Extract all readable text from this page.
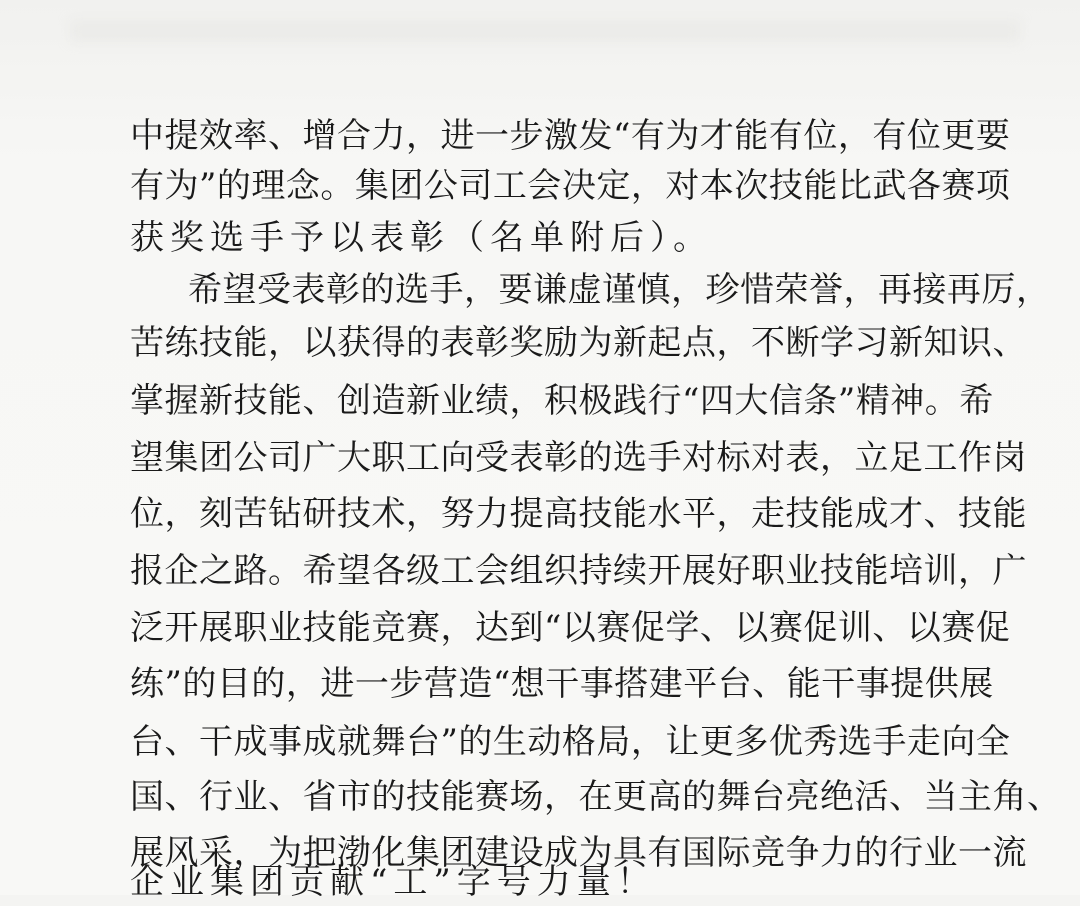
中提效率、增合力，进一步激发“有为才能有位，有位更要
有为”的理念。集团公司工会决定，对本次技能比武各赛项
获奖选手予以表彰（名单附后）。
希望受表彰的选手，要谦虚谨慎，珍惜荣誉，再接再厉，
苦练技能，以获得的表彰奖励为新起点，不断学习新知识、
掌握新技能、创造新业绩，积极践行“四大信条”精神。希
望集团公司广大职工向受表彰的选手对标对表，立足工作岗
位，刻苦钻研技术，努力提高技能水平，走技能成才、技能
报企之路。希望各级工会组织持续开展好职业技能培训，广
泛开展职业技能竞赛，达到“以赛促学、以赛促训、以赛促
练”的目的，进一步营造“想干事搭建平台、能干事提供展
台、干成事成就舞台”的生动格局，让更多优秀选手走向全
国、行业、省市的技能赛场，在更高的舞台亮绝活、当主角、
展风采，为把渤化集团建设成为具有国际竞争力的行业一流
企业集团贡献“工”字号力量！
